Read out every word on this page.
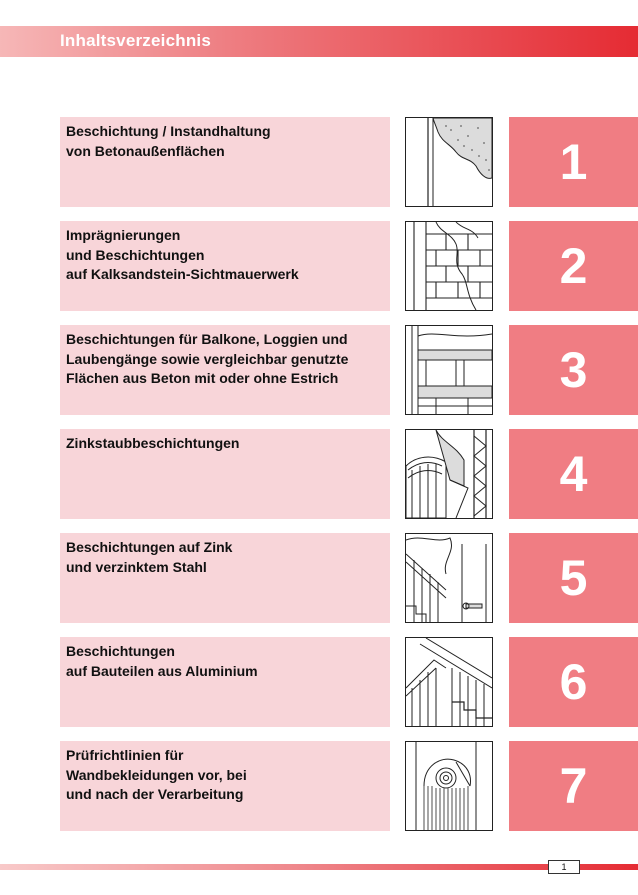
Inhaltsverzeichnis
Beschichtung / Instandhaltung
von Betonaußenflächen	1
Imprägnierungen
und Beschichtungen
auf Kalksandstein-Sichtmauerwerk	2
Beschichtungen für Balkone, Loggien und
Laubengänge sowie vergleichbar genutzte
Flächen aus Beton mit oder ohne Estrich	3
Zinkstaubbeschichtungen
4
Beschichtungen auf Zink
und verzinktem Stahl	5
Beschichtungen
auf Bauteilen aus Aluminium	6
Prüfrichtlinien für
Wandbekleidungen vor, bei
und nach der Verarbeitung	7
1
